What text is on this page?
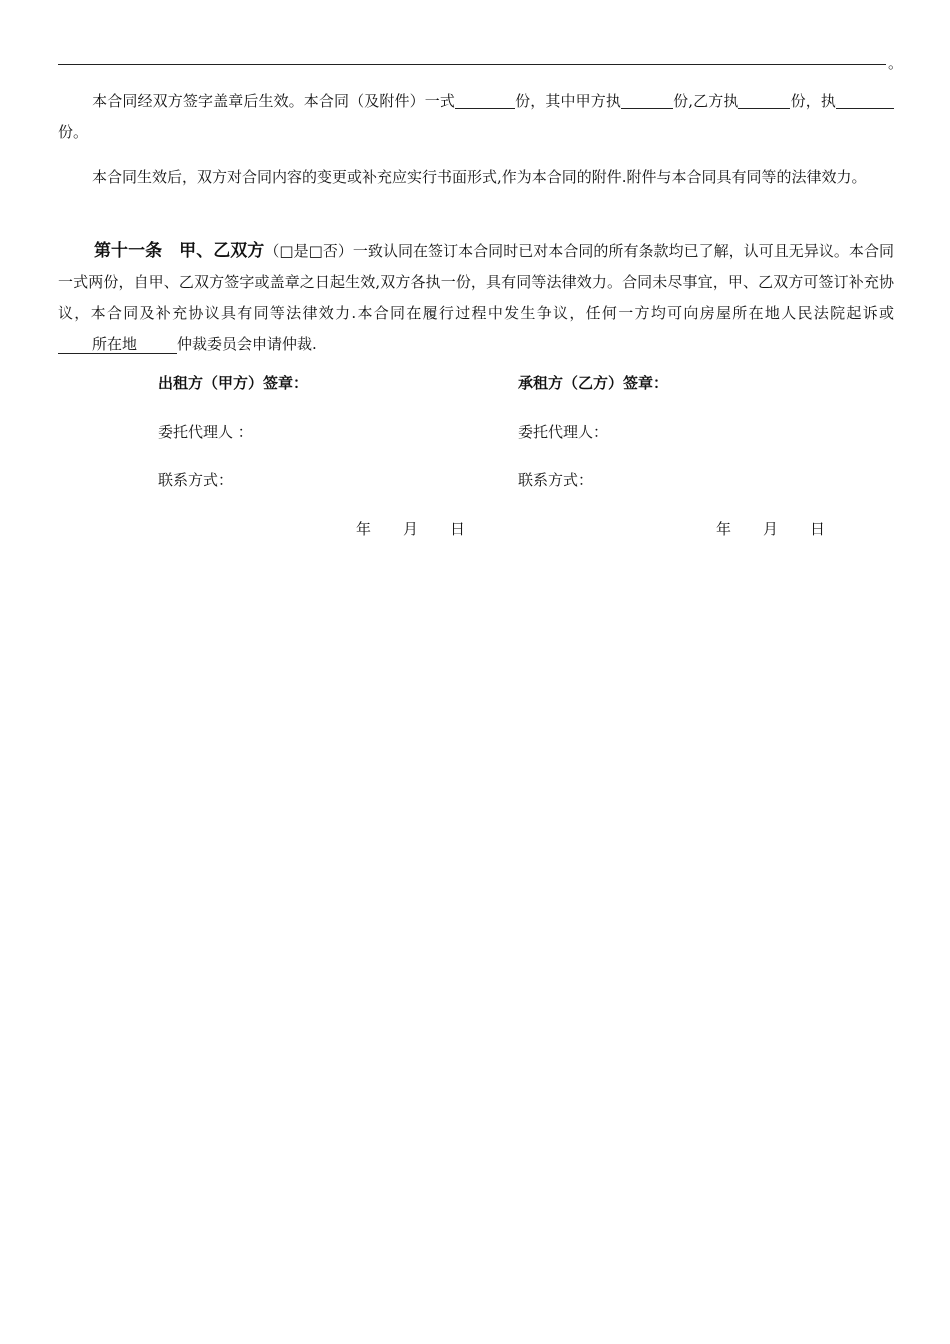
。
本合同经双方签字盖章后生效。本合同（及附件）一式	份，其中甲方执	份,乙方执	份，执份。
本合同生效后，双方对合同内容的变更或补充应实行书面形式,作为本合同的附件.附件与本合同具有同等的法律效力。
第十一条　甲、乙双方（□是□否）一致认同在签订本合同时已对本合同的所有条款均已了解，认可且无异议。本合同一式两份，自甲、乙双方签字或盖章之日起生效,双方各执一份，具有同等法律效力。合同未尽事宜，甲、乙双方可签订补充协议，本合同及补充协议具有同等法律效力.本合同在履行过程中发生争议，任何一方均可向房屋所在地人民法院起诉或所在地	仲裁委员会申请仲裁.
出租方（甲方）签章：	承租方（乙方）签章：
委托代理人 ：	委托代理人：
联系方式：	联系方式：
年 月 日	年 月 日
